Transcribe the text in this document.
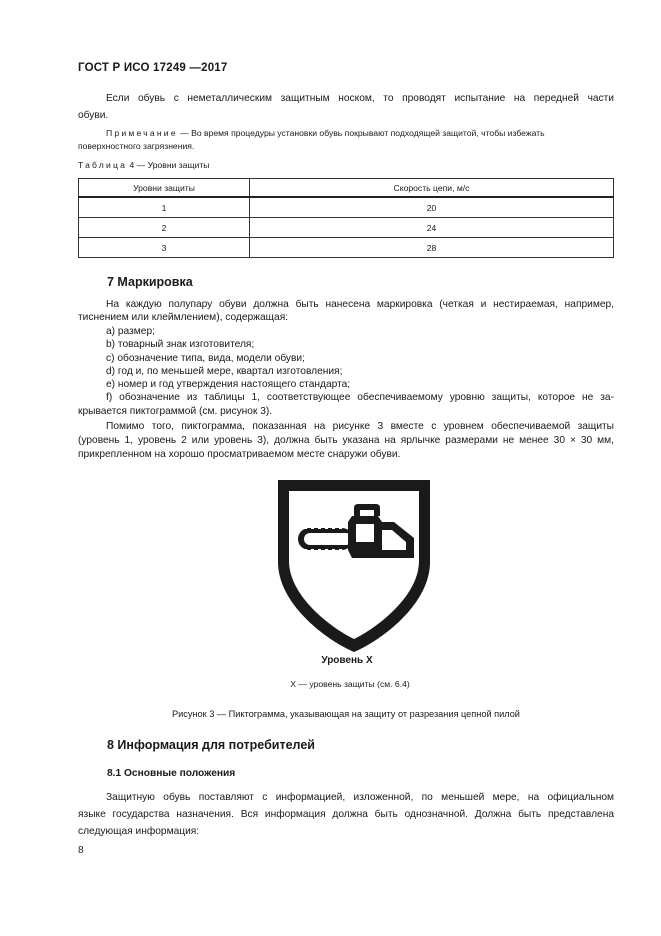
ГОСТ Р ИСО 17249 —2017
Если обувь с неметаллическим защитным носком, то проводят испытание на передней части
обуви.
Примечание — Во время процедуры установки обувь покрывают подходящей защитой, чтобы избежать
поверхностного загрязнения.
Таблица 4 — Уровни защиты
Уровни защиты	Скорость цепи, м/с
1	20
2	24
3	28
7 Маркировка
На каждую полупару обуви должна быть нанесена маркировка (четкая и нестираемая, например,
тиснением или клеймлением), содержащая:
a) размер;
b) товарный знак изготовителя;
c) обозначение типа, вида, модели обуви;
d) год и, по меньшей мере, квартал изготовления;
e) номер и год утверждения настоящего стандарта;
f) обозначение из таблицы 1, соответствующее обеспечиваемому уровню защиты, которое не за-
крывается пиктограммой (см. рисунок 3).
Помимо того, пиктограмма, показанная на рисунке 3 вместе с уровнем обеспечиваемой защиты
(уровень 1, уровень 2 или уровень 3), должна быть указана на ярлычке размерами не менее 30 × 30 мм,
прикрепленном на хорошо просматриваемом месте снаружи обуви.
Уровень X
X — уровень защиты (см. 6.4)
Рисунок 3 — Пиктограмма, указывающая на защиту от разрезания цепной пилой
8 Информация для потребителей
8.1 Основные положения
Защитную обувь поставляют с информацией, изложенной, по меньшей мере, на официальном
языке государства назначения. Вся информация должна быть однозначной. Должна быть представлена
следующая информация:
8
